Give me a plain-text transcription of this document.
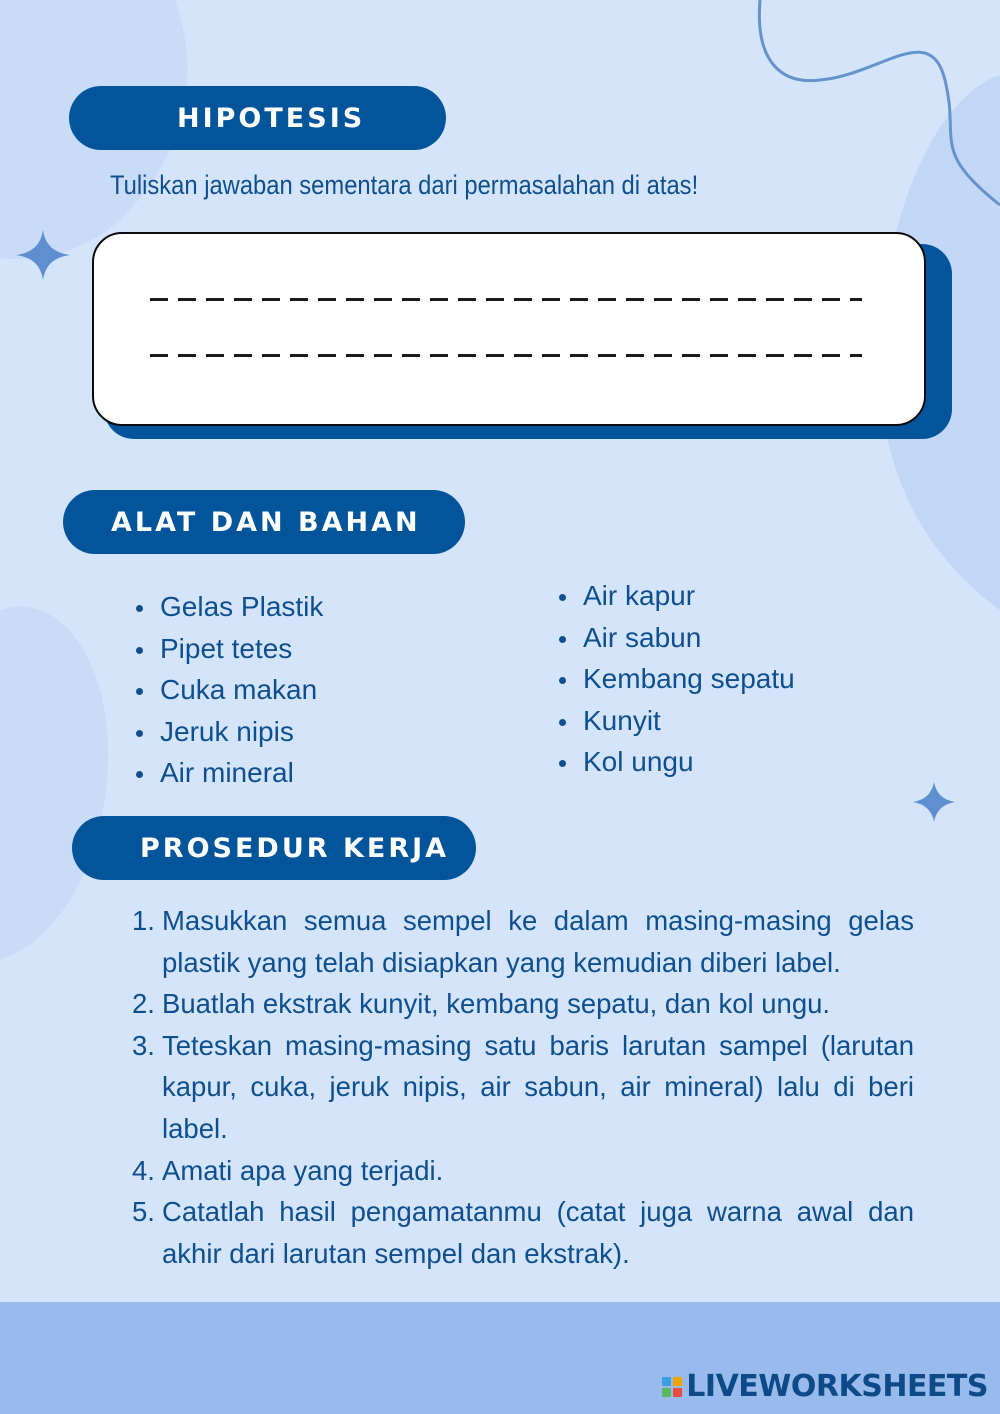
HIPOTESIS
Tuliskan jawaban sementara dari permasalahan di atas!
ALAT DAN BAHAN
Gelas Plastik
Pipet tetes
Cuka makan
Jeruk nipis
Air mineral
Air kapur
Air sabun
Kembang sepatu
Kunyit
Kol ungu
PROSEDUR KERJA
1. Masukkan semua sempel ke dalam masing-masing gelas plastik yang telah disiapkan yang kemudian diberi label.
2. Buatlah ekstrak kunyit, kembang sepatu, dan kol ungu.
3. Teteskan masing-masing satu baris larutan sampel (larutan kapur, cuka, jeruk nipis, air sabun, air mineral) lalu di beri label.
4. Amati apa yang terjadi.
5. Catatlah hasil pengamatanmu (catat juga warna awal dan akhir dari larutan sempel dan ekstrak).
LIVEWORKSHEETS
